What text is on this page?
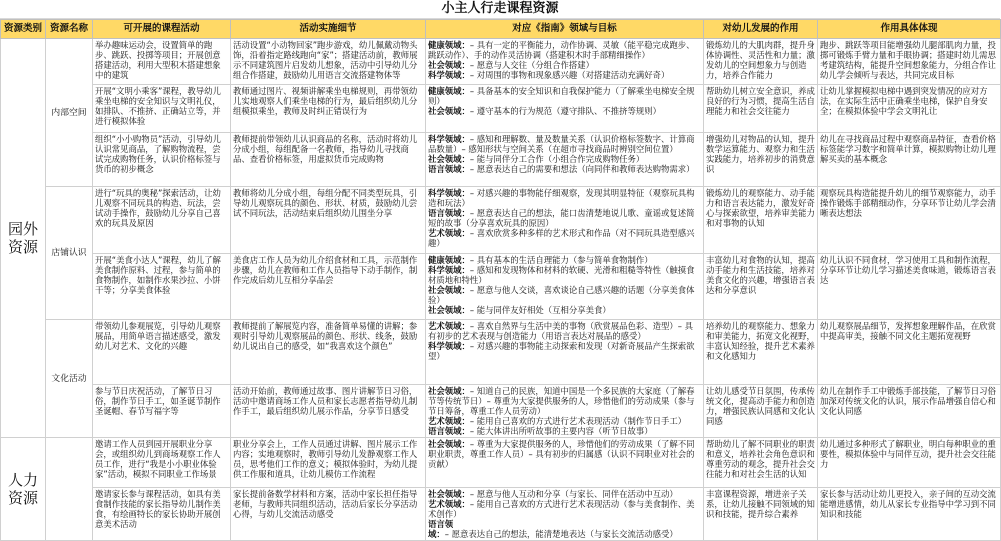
小主人行走课程资源
资源类别	资源名称	可开展的课程活动	活动实施细节	对应《指南》领域与目标	对幼儿发展的作用	作用具体体现
园外资源	内部空间	举办趣味运动会，设置简单的跑步、跳跃、投掷等项目；开展创意搭建活动，利用大型积木搭建想象中的建筑	活动设置“小动物回家”跑步游戏，幼儿佩戴动物头饰，沿着指定路线跑向“家”；搭建活动前，教师展示不同建筑图片启发幼儿想象，活动中引导幼儿分组合作搭建，鼓励幼儿用语言交流搭建物体等	健康领域：– 具有一定的平衡能力，动作协调、灵敏（能平稳完成跑步、跳跃动作）、手的动作灵活协调（搭建积木时手部精细操作）
社会领域：– 愿意与人交往（分组合作搭建）
科学领域：– 对周围的事物和现象感兴趣（对搭建活动充满好奇）	锻炼幼儿的大肌肉群，提升身体协调性、灵活性和力量；激发幼儿的空间想象力与创造力，培养合作能力	跑步、跳跃等项目能增强幼儿腿部肌肉力量，投掷可锻炼手臂力量和手眼协调；搭建时幼儿需思考建筑结构，能提升空间想象能力，分组合作让幼儿学会倾听与表达，共同完成目标
		开展“文明小乘客”课程，教导幼儿乘坐电梯的安全知识与文明礼仪，如排队、不推挤、正确站立等，并进行模拟体验	教师通过图片、视频讲解乘坐电梯规则，再带领幼儿实地观察人们乘坐电梯的行为，最后组织幼儿分组模拟乘坐，教师及时纠正错误行为	健康领域：– 具备基本的安全知识和自我保护能力（了解乘坐电梯安全规则）
社会领域：– 遵守基本的行为规范（遵守排队、不推挤等规则）	帮助幼儿树立安全意识，养成良好的行为习惯，提高生活自理能力和社会交往能力	让幼儿掌握模拟电梯中遇到突发情况的应对方法，在实际生活中正确乘坐电梯，保护自身安全；在模拟体验中学会文明礼让
		组织“小小购物员”活动，引导幼儿认识常见商品，了解购物流程，尝试完成购物任务，认识价格标签与货币的初步概念	教师提前带领幼儿认识商品的名称，活动时将幼儿分成小组，每组配备一名教师，指导幼儿寻找商品、查看价格标签，用虚拟货币完成购物	科学领域：– 感知和理解数、量及数量关系（认识价格标签数字、计算商品数量）– 感知形状与空间关系（在超市寻找商品时辨别空间位置）
社会领域：– 能与同伴分工合作（小组合作完成购物任务）
语言领域：– 愿意表达自己的需要和想法（向同伴和教师表达购物需求）	增强幼儿对物品的认知，提升数学运算能力、观察力和生活实践能力，培养初步的消费意识	幼儿在寻找商品过程中观察商品特征，查看价格标签能学习数字和简单计算，模拟购物让幼儿理解买卖的基本概念
	店铺认识	进行“玩具的奥秘”探索活动，让幼儿观察不同玩具的构造、玩法，尝试动手操作，鼓励幼儿分享自己喜欢的玩具及原因	教师将幼儿分成小组，每组分配不同类型玩具，引导幼儿观察玩具的颜色、形状、材质，鼓励幼儿尝试不同玩法，活动结束后组织幼儿围坐分享	科学领域：– 对感兴趣的事物能仔细观察，发现其明显特征（观察玩具构造和玩法）
语言领域：– 愿意表达自己的想法，能口齿清楚地说儿歌、童谣或复述简短的故事（分享喜欢玩具的原因）
艺术领域：– 喜欢欣赏多种多样的艺术形式和作品（对不同玩具造型感兴趣）	锻炼幼儿的观察能力、动手能力和语言表达能力，激发好奇心与探索欲望，培养审美能力和对事物的认知	观察玩具构造能提升幼儿的细节观察能力，动手操作锻炼手部精细动作，分享环节让幼儿学会清晰表达想法
		开展“美食小达人”课程，幼儿了解美食制作原料、过程，参与简单的食物制作，如制作水果沙拉、小饼干等；分享美食体验	美食店工作人员为幼儿介绍食材和工具，示范制作步骤，幼儿在教师和工作人员指导下动手制作，制作完成后幼儿互相分享品尝	健康领域：– 具有基本的生活自理能力（参与简单食物制作）
科学领域：– 感知和发现物体和材料的软硬、光滑和粗糙等特性（触摸食材质地和特性）
社会领域：– 愿意与他人交谈，喜欢谈论自己感兴趣的话题（分享美食体验）
社会领域：– 能与同伴友好相处（互相分享美食）	丰富幼儿对食物的认知，提高动手能力和生活技能，培养对美食文化的兴趣，增强语言表达和分享意识	幼儿认识不同食材，学习使用工具和制作流程，分享环节让幼儿学习描述美食味道，锻炼语言表达
	文化活动	带领幼儿参观展览，引导幼儿观察展品，用简单语言描述感受，激发幼儿对艺术、文化的兴趣	教师提前了解展览内容，准备简单易懂的讲解；参观时引导幼儿观察展品的颜色、形状、线条，鼓励幼儿说出自己的感受，如“我喜欢这个颜色”	艺术领域：– 喜欢自然界与生活中美的事物（欣赏展品色彩、造型）– 具有初步的艺术表现与创造能力（用语言表达对展品的感受）
科学领域：– 对感兴趣的事物能主动探索和发现（对新奇展品产生探索欲望）	培养幼儿的观察能力、想象力和审美能力，拓宽文化视野，丰富认知经验，提升艺术素养和文化感知力	幼儿观察展品细节，发挥想象理解作品，在欣赏中提高审美，接触不同文化主题拓宽视野
		参与节日庆祝活动，了解节日习俗，制作节日手工，如圣诞节制作圣诞帽、春节写福字等	活动开始前，教师通过故事、图片讲解节日习俗，活动中邀请商场工作人员和家长志愿者指导幼儿制作手工，最后组织幼儿展示作品，分享节日感受	社会领域：– 知道自己的民族，知道中国是一个多民族的大家庭（了解春节等传统节日）– 尊重为大家提供服务的人，珍惜他们的劳动成果（参与节日筹备，尊重工作人员劳动）
艺术领域：– 能用自己喜欢的方式进行艺术表现活动（制作节日手工）
语言领域：– 能大体讲出所听故事的主要内容（听节日故事）	让幼儿感受节日氛围，传承传统文化，提高动手能力和创造力，增强民族认同感和文化认同感	幼儿在制作手工中锻炼手部技能，了解节日习俗加深对传统文化的认识，展示作品增强自信心和文化认同感
人力资源		邀请工作人员到园开展职业分享会，或组织幼儿到商场观察工作人员工作，进行“我是小小职业体验家”活动，模拟不同职业工作场景	职业分享会上，工作人员通过讲解、图片展示工作内容；实地观察时，教师引导幼儿发静观察工作人员，思考他们工作的意义；模拟体验时，为幼儿提供工作服和道具，让幼儿模仿工作流程	社会领域：– 尊重为大家提供服务的人，珍惜他们的劳动成果（了解不同职业职责，尊重工作人员）– 具有初步的归属感（认识不同职业对社会的贡献）	帮助幼儿了解不同职业的职责和意义，培养社会角色意识和尊重劳动的观念，提升社会交往能力和对社会生活的认知	幼儿通过多种形式了解职业，明白每种职业的重要性，模拟体验中与同伴互动，提升社会交往能力
		邀请家长参与课程活动，如具有美食制作技能的家长指导幼儿制作美食，有绘画特长的家长协助开展创意美术活动	家长提前备数学材料和方案，活动中家长担任指导老师，与教师共同组织活动，活动后家长分享活动心得，与幼儿交流活动感受	社会领域：– 愿意与他人互动和分享（与家长、同伴在活动中互动）
艺术领域：– 能用自己喜欢的方式进行艺术表现活动（参与美食制作、美术创作）
语言领域：– 愿意表达自己的想法，能清楚地表达（与家长交流活动感受）	丰富课程资源，增进亲子关系，让幼儿接触不同领域的知识和技能，提升综合素养	家长参与活动让幼儿更投入，亲子间的互动交流能增进感情，幼儿从家长专业指导中学习到不同知识和技能
